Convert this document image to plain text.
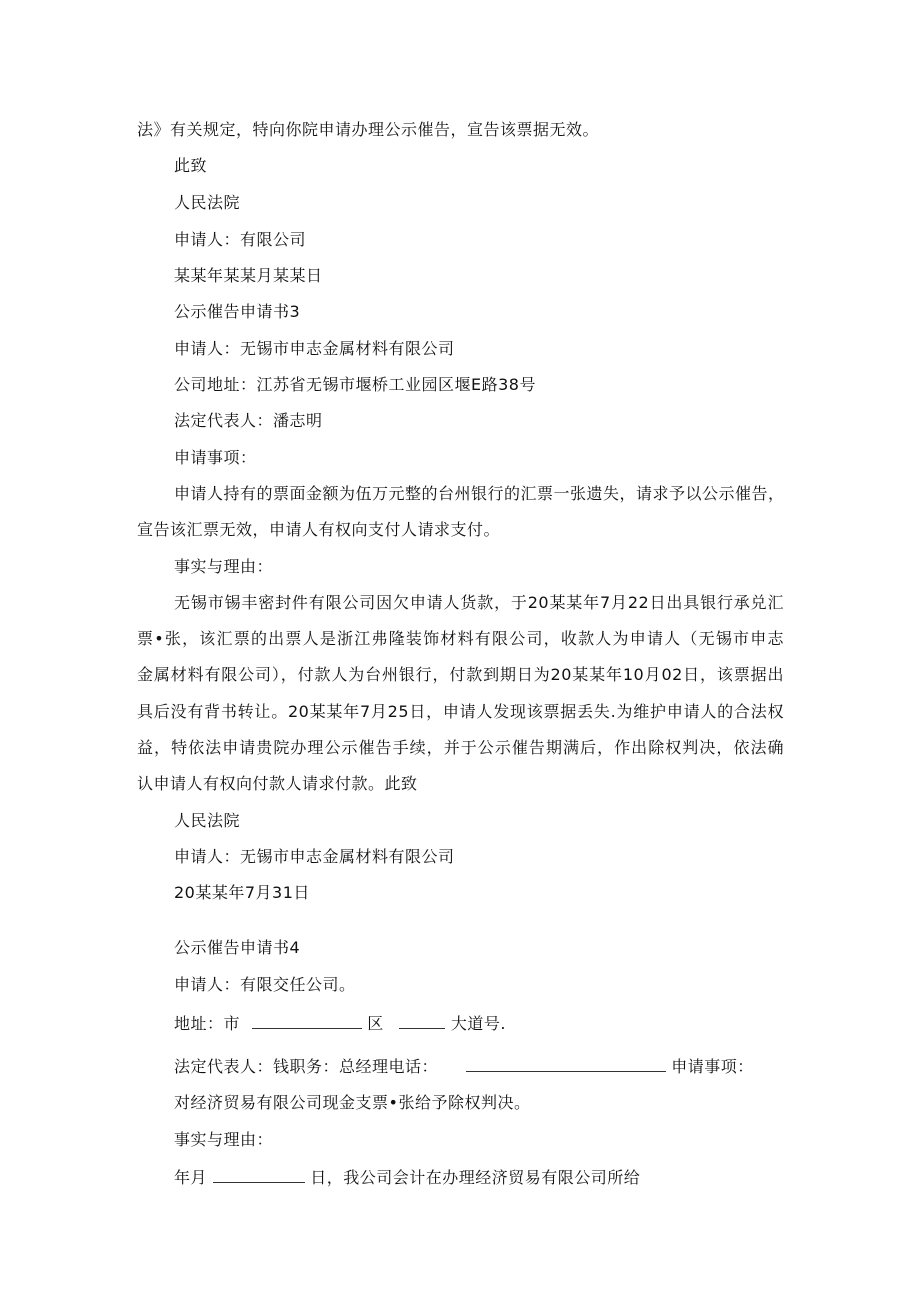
法》有关规定，特向你院申请办理公示催告，宣告该票据无效。
此致
人民法院
申请人：有限公司
某某年某某月某某日
公示催告申请书3
申请人：无锡市申志金属材料有限公司
公司地址：江苏省无锡市堰桥工业园区堰E路38号
法定代表人：潘志明
申请事项：
申请人持有的票面金额为伍万元整的台州银行的汇票一张遗失，请求予以公示催告，
宣告该汇票无效，申请人有权向支付人请求支付。
事实与理由：
无锡市锡丰密封件有限公司因欠申请人货款，于20某某年7月22日出具银行承兑汇
票•张，该汇票的出票人是浙江弗隆装饰材料有限公司，收款人为申请人（无锡市申志
金属材料有限公司），付款人为台州银行，付款到期日为20某某年10月02日，该票据出
具后没有背书转让。20某某年7月25日，申请人发现该票据丢失.为维护申请人的合法权
益，特依法申请贵院办理公示催告手续，并于公示催告期满后，作出除权判决，依法确
认申请人有权向付款人请求付款。此致
人民法院
申请人：无锡市申志金属材料有限公司
20某某年7月31日
公示催告申请书4
申请人：有限交任公司。
地址：市	区	大道号.
法定代表人：钱职务：总经理电话：	申请事项：
对经济贸易有限公司现金支票•张给予除权判决。
事实与理由：
年月	日，我公司会计在办理经济贸易有限公司所给
